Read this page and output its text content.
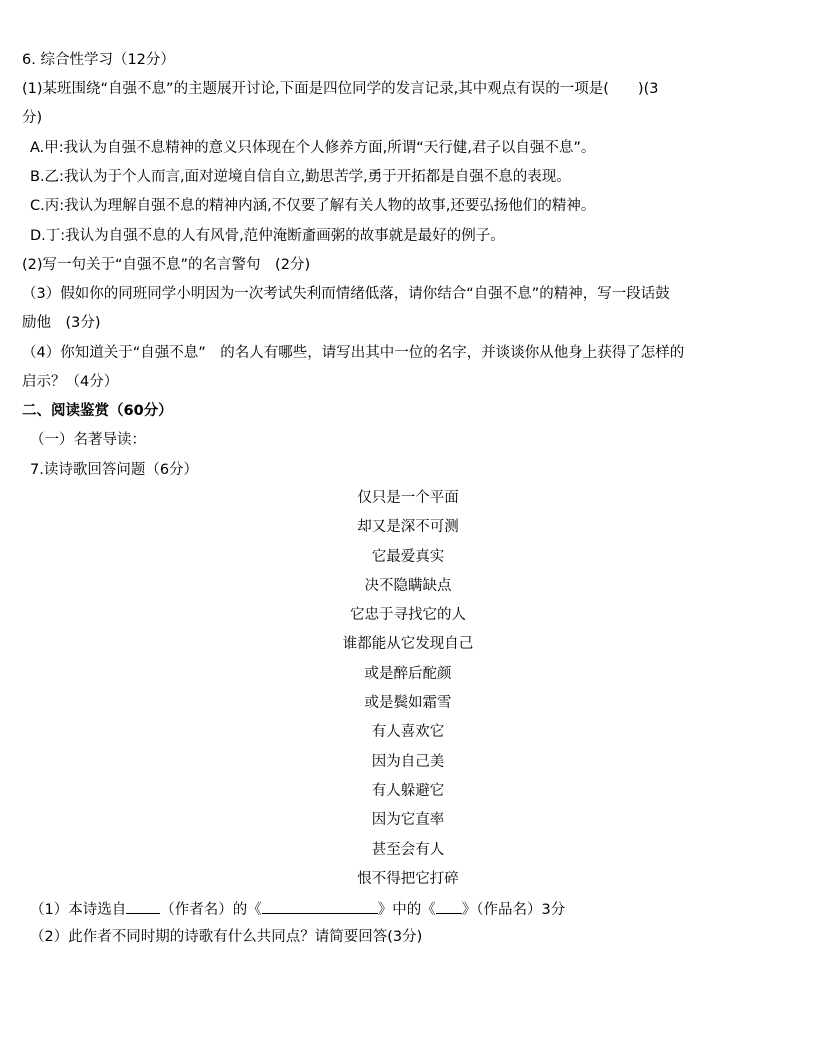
6. 综合性学习（12分）
(1)某班围绕“自强不息”的主题展开讨论,下面是四位同学的发言记录,其中观点有误的一项是(　　)(3
分)
A.甲:我认为自强不息精神的意义只体现在个人修养方面,所谓“天行健,君子以自强不息”。
B.乙:我认为于个人而言,面对逆境自信自立,勤思苦学,勇于开拓都是自强不息的表现。
C.丙:我认为理解自强不息的精神内涵,不仅要了解有关人物的故事,还要弘扬他们的精神。
D.丁:我认为自强不息的人有风骨,范仲淹断齑画粥的故事就是最好的例子。
(2)写一句关于“自强不息”的名言警句　(2分)
（3）假如你的同班同学小明因为一次考试失利而情绪低落，请你结合“自强不息”的精神，写一段话鼓
励他　(3分)
（4）你知道关于“自强不息”　的名人有哪些，请写出其中一位的名字，并谈谈你从他身上获得了怎样的
启示？（4分）
二、阅读鉴赏（60分）
（一）名著导读：
7.读诗歌回答问题（6分）
仅只是一个平面
却又是深不可测
它最爱真实
决不隐瞒缺点
它忠于寻找它的人
谁都能从它发现自己
或是醉后酡颜
或是鬓如霜雪
有人喜欢它
因为自己美
有人躲避它
因为它直率
甚至会有人
恨不得把它打碎
（1）本诗选自 （作者名）的《	》中的《 》（作品名）3分
（2）此作者不同时期的诗歌有什么共同点？请简要回答(3分)
